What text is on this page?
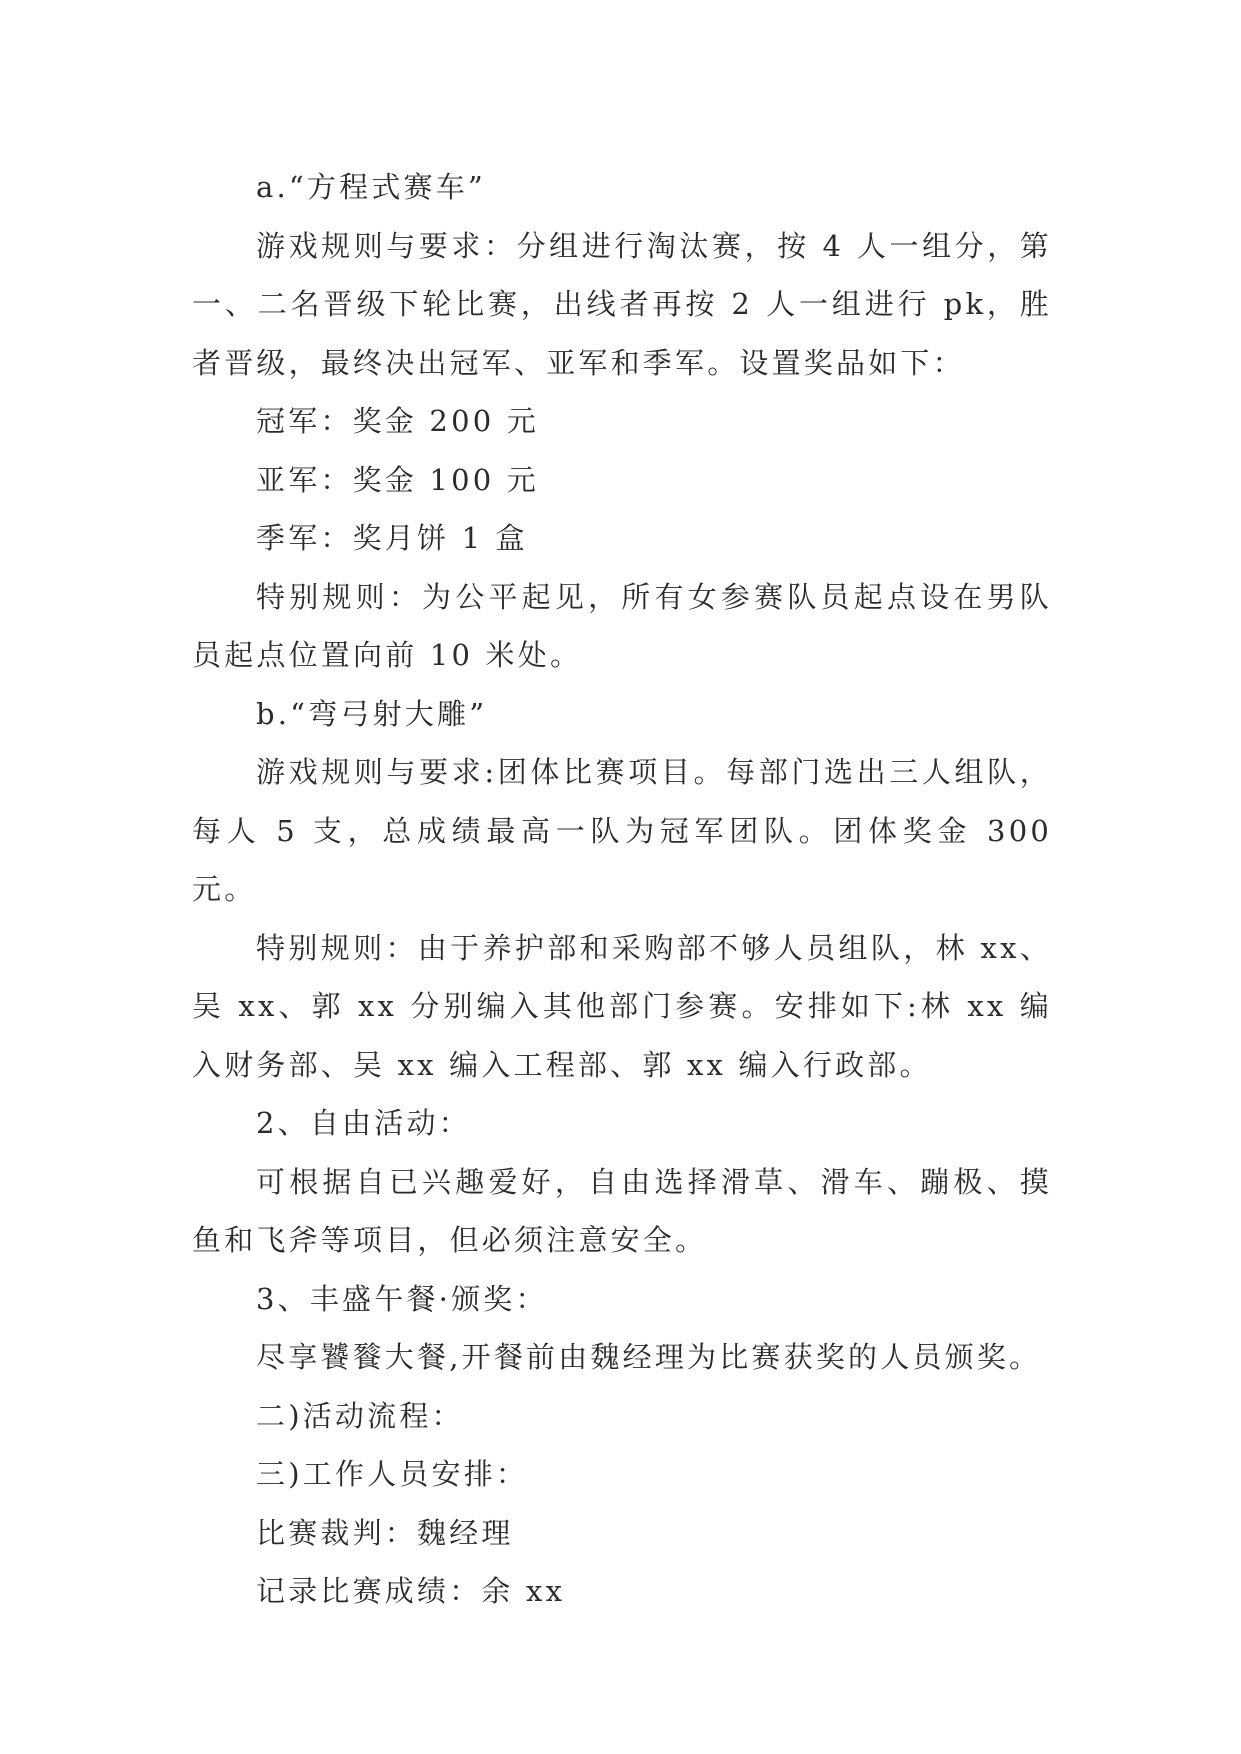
a.“方程式赛车”

游戏规则与要求：分组进行淘汰赛，按 4 人一组分，第一、二名晋级下轮比赛，出线者再按 2 人一组进行 pk，胜者晋级，最终决出冠军、亚军和季军。设置奖品如下：

冠军：奖金 200 元

亚军：奖金 100 元

季军：奖月饼 1 盒

特别规则：为公平起见，所有女参赛队员起点设在男队员起点位置向前 10 米处。

b.“弯弓射大雕”

游戏规则与要求:团体比赛项目。每部门选出三人组队，每人 5 支，总成绩最高一队为冠军团队。团体奖金 300 元。

特别规则：由于养护部和采购部不够人员组队，林 xx、吴 xx、郭 xx 分别编入其他部门参赛。安排如下:林 xx 编入财务部、吴 xx 编入工程部、郭 xx 编入行政部。

2、自由活动：

可根据自已兴趣爱好，自由选择滑草、滑车、蹦极、摸鱼和飞斧等项目，但必须注意安全。

3、丰盛午餐·颁奖：

尽享饕餮大餐,开餐前由魏经理为比赛获奖的人员颁奖。

二)活动流程：

三)工作人员安排：

比赛裁判：魏经理

记录比赛成绩：余 xx
